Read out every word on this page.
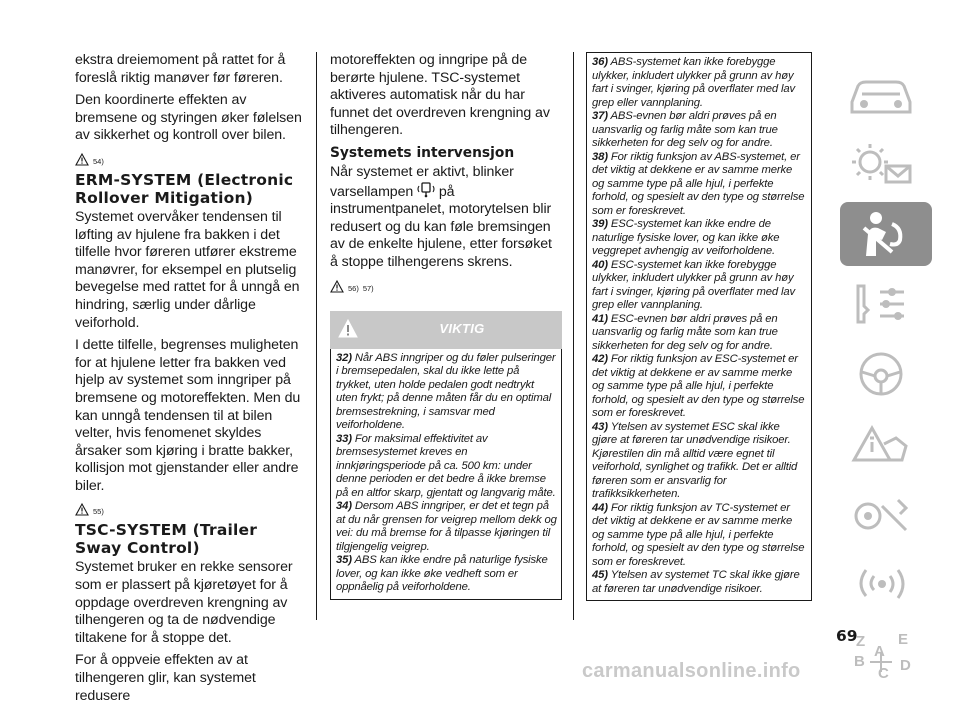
ekstra dreiemoment på rattet for å foreslå riktig manøver før føreren.

Den koordinerte effekten av bremsene og styringen øker følelsen av sikkerhet og kontroll over bilen.

54)
ERM-SYSTEM (Electronic Rollover Mitigation)

Systemet overvåker tendensen til løfting av hjulene fra bakken i det tilfelle hvor føreren utfører ekstreme manøvrer, for eksempel en plutselig bevegelse med rattet for å unngå en hindring, særlig under dårlige veiforhold.

I dette tilfelle, begrenses muligheten for at hjulene letter fra bakken ved hjelp av systemet som inngriper på bremsene og motoreffekten. Men du kan unngå tendensen til at bilen velter, hvis fenomenet skyldes årsaker som kjøring i bratte bakker, kollisjon mot gjenstander eller andre biler.

55)
TSC-SYSTEM (Trailer Sway Control)

Systemet bruker en rekke sensorer som er plassert på kjøretøyet for å oppdage overdreven krengning av tilhengeren og ta de nødvendige tiltakene for å stoppe det.

For å oppveie effekten av at tilhengeren glir, kan systemet redusere

motoreffekten og inngripe på de berørte hjulene. TSC-systemet aktiveres automatisk når du har funnet det overdreven krengning av tilhengeren.

Systemets intervensjon

Når systemet er aktivt, blinker varsellampen på instrumentpanelet, motorytelsen blir redusert og du kan føle bremsingen av de enkelte hjulene, etter forsøket å stoppe tilhengerens skrens.

56) 57)
VIKTIG

32) Når ABS inngriper og du føler pulseringer i bremsepedalen, skal du ikke lette på trykket, uten holde pedalen godt nedtrykt uten frykt; på denne måten får du en optimal bremsestrekning, i samsvar med veiforholdene.

33) For maksimal effektivitet av bremsesystemet kreves en innkjøringsperiode på ca. 500 km: under denne perioden er det bedre å ikke bremse på en altfor skarp, gjentatt og langvarig måte.

34) Dersom ABS inngriper, er det et tegn på at du når grensen for veigrep mellom dekk og vei: du må bremse for å tilpasse kjøringen til tilgjengelig veigrep.

35) ABS kan ikke endre på naturlige fysiske lover, og kan ikke øke vedheft som er oppnåelig på veiforholdene.

36) ABS-systemet kan ikke forebygge ulykker, inkludert ulykker på grunn av høy fart i svinger, kjøring på overflater med lav grep eller vannplaning.

37) ABS-evnen bør aldri prøves på en uansvarlig og farlig måte som kan true sikkerheten for deg selv og for andre.

38) For riktig funksjon av ABS-systemet, er det viktig at dekkene er av samme merke og samme type på alle hjul, i perfekte forhold, og spesielt av den type og størrelse som er foreskrevet.

39) ESC-systemet kan ikke endre de naturlige fysiske lover, og kan ikke øke veggrepet avhengig av veiforholdene.

40) ESC-systemet kan ikke forebygge ulykker, inkludert ulykker på grunn av høy fart i svinger, kjøring på overflater med lav grep eller vannplaning.

41) ESC-evnen bør aldri prøves på en uansvarlig og farlig måte som kan true sikkerheten for deg selv og for andre.

42) For riktig funksjon av ESC-systemet er det viktig at dekkene er av samme merke og samme type på alle hjul, i perfekte forhold, og spesielt av den type og størrelse som er foreskrevet.

43) Ytelsen av systemet ESC skal ikke gjøre at føreren tar unødvendige risikoer. Kjørestilen din må alltid være egnet til veiforhold, synlighet og trafikk. Det er alltid føreren som er ansvarlig for trafikksikkerheten.

44) For riktig funksjon av TC-systemet er det viktig at dekkene er av samme merke og samme type på alle hjul, i perfekte forhold, og spesielt av den type og størrelse som er foreskrevet.

45) Ytelsen av systemet TC skal ikke gjøre at føreren tar unødvendige risikoer.

Z E
B
A
C D
69
carmanualsonline.info
